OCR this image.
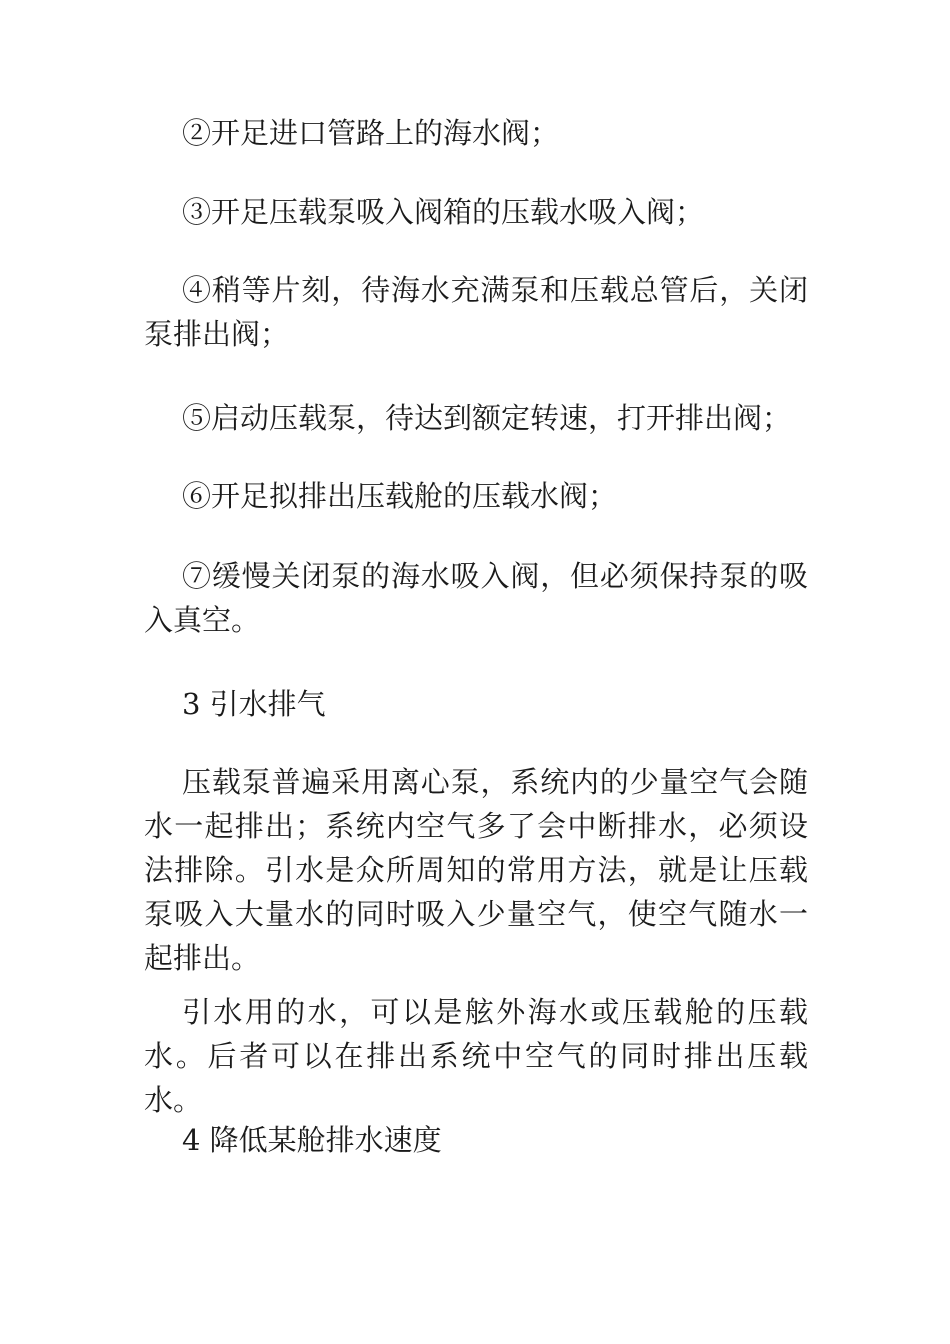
②开足进口管路上的海水阀；

③开足压载泵吸入阀箱的压载水吸入阀；

④稍等片刻，待海水充满泵和压载总管后，关闭泵排出阀；

⑤启动压载泵，待达到额定转速，打开排出阀；

⑥开足拟排出压载舱的压载水阀；

⑦缓慢关闭泵的海水吸入阀，但必须保持泵的吸入真空。

3 引水排气

压载泵普遍采用离心泵，系统内的少量空气会随水一起排出；系统内空气多了会中断排水，必须设法排除。引水是众所周知的常用方法，就是让压载泵吸入大量水的同时吸入少量空气，使空气随水一起排出。

引水用的水，可以是舷外海水或压载舱的压载水。后者可以在排出系统中空气的同时排出压载水。

4 降低某舱排水速度
